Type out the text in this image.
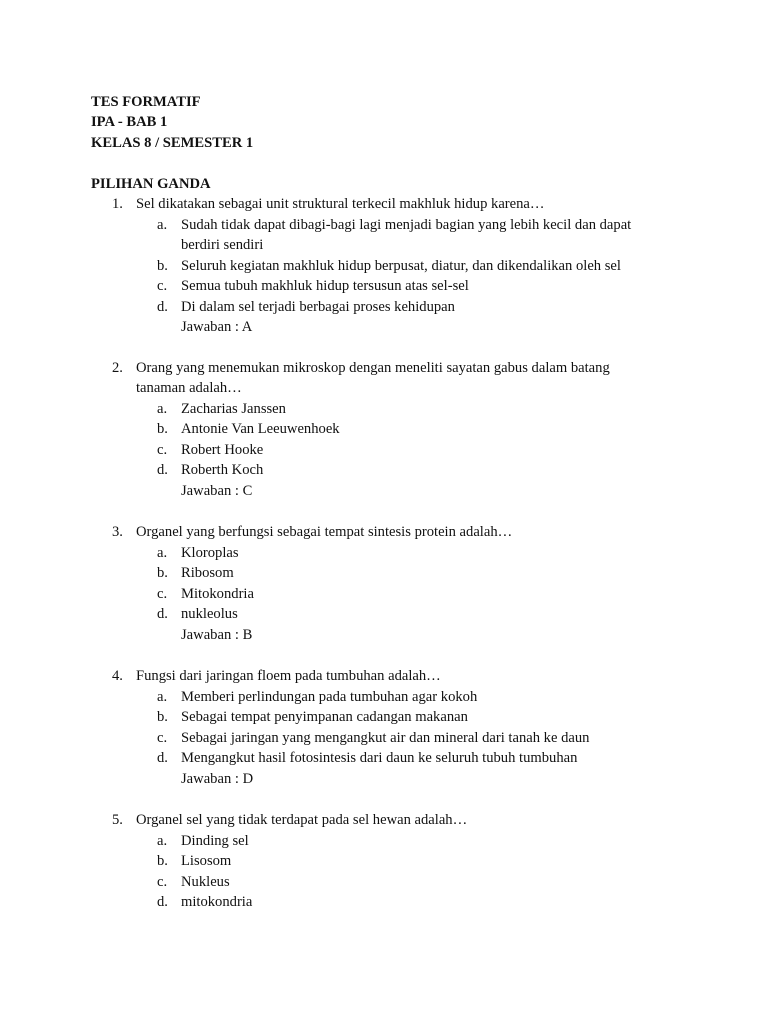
TES FORMATIF
IPA - BAB 1
KELAS 8 / SEMESTER 1
PILIHAN GANDA
1. Sel dikatakan sebagai unit struktural terkecil makhluk hidup karena…
a. Sudah tidak dapat dibagi-bagi lagi menjadi bagian yang lebih kecil dan dapat berdiri sendiri
b. Seluruh kegiatan makhluk hidup berpusat, diatur, dan dikendalikan oleh sel
c. Semua tubuh makhluk hidup tersusun atas sel-sel
d. Di dalam sel terjadi berbagai proses kehidupan
Jawaban : A
2. Orang yang menemukan mikroskop dengan meneliti sayatan gabus dalam batang tanaman adalah…
a. Zacharias Janssen
b. Antonie Van Leeuwenhoek
c. Robert Hooke
d. Roberth Koch
Jawaban : C
3. Organel yang berfungsi sebagai tempat sintesis protein adalah…
a. Kloroplas
b. Ribosom
c. Mitokondria
d. nukleolus
Jawaban : B
4. Fungsi dari jaringan floem pada tumbuhan adalah…
a. Memberi perlindungan pada tumbuhan agar kokoh
b. Sebagai tempat penyimpanan cadangan makanan
c. Sebagai jaringan yang mengangkut air dan mineral dari tanah ke daun
d. Mengangkut hasil fotosintesis dari daun ke seluruh tubuh tumbuhan
Jawaban : D
5. Organel sel yang tidak terdapat pada sel hewan adalah…
a. Dinding sel
b. Lisosom
c. Nukleus
d. mitokondria
